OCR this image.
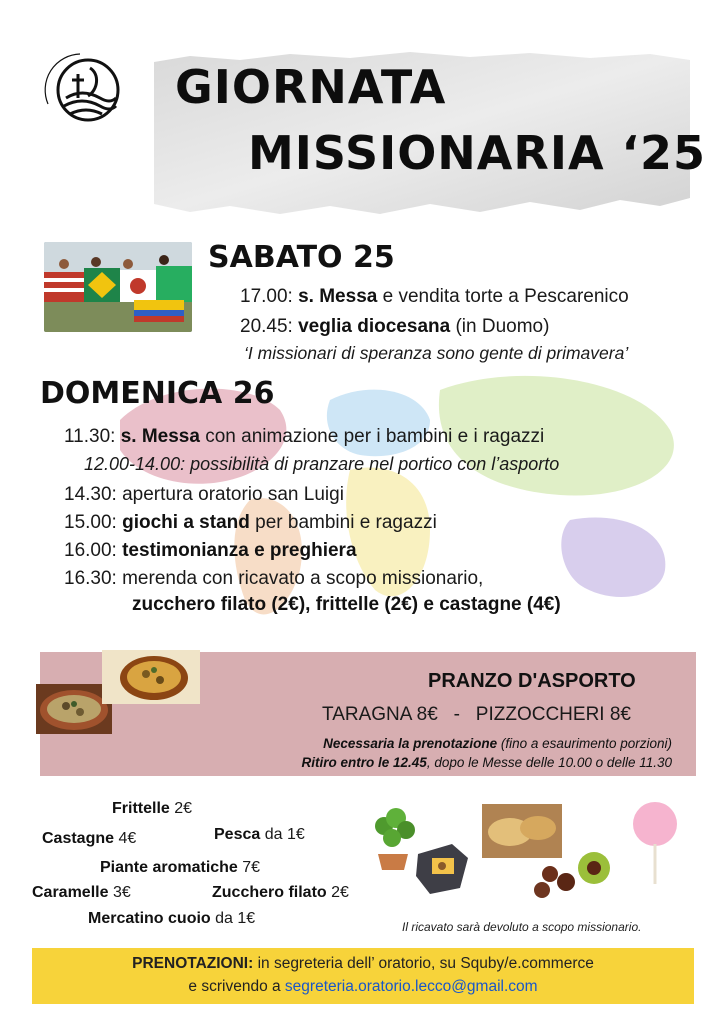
GIORNATA
MISSIONARIA ‘25
SABATO 25
17.00: s. Messa e vendita torte a Pescarenico
20.45: veglia diocesana (in Duomo)
‘I missionari di speranza sono gente di primavera’
DOMENICA 26
11.30: s. Messa con animazione per i bambini e i ragazzi
12.00-14.00: possibilità di pranzare nel portico con l’asporto
14.30: apertura oratorio san Luigi
15.00: giochi a stand per bambini e ragazzi
16.00: testimonianza e preghiera
16.30: merenda con ricavato a scopo missionario,
zucchero filato (2€), frittelle (2€) e castagne (4€)
PRANZO D'ASPORTO
TARAGNA 8€   -   PIZZOCCHERI 8€
Necessaria la prenotazione (fino a esaurimento porzioni)
Ritiro entro le 12.45, dopo le Messe delle 10.00 o delle 11.30
Frittelle 2€
Castagne 4€	Pesca da 1€
Piante aromatiche 7€
Caramelle 3€	Zucchero filato 2€
Mercatino cuoio da 1€	Il ricavato sarà devoluto a scopo missionario.
PRENOTAZIONI: in segreteria dell’ oratorio, su Squby/e.commerce
e scrivendo a segreteria.oratorio.lecco@gmail.com
